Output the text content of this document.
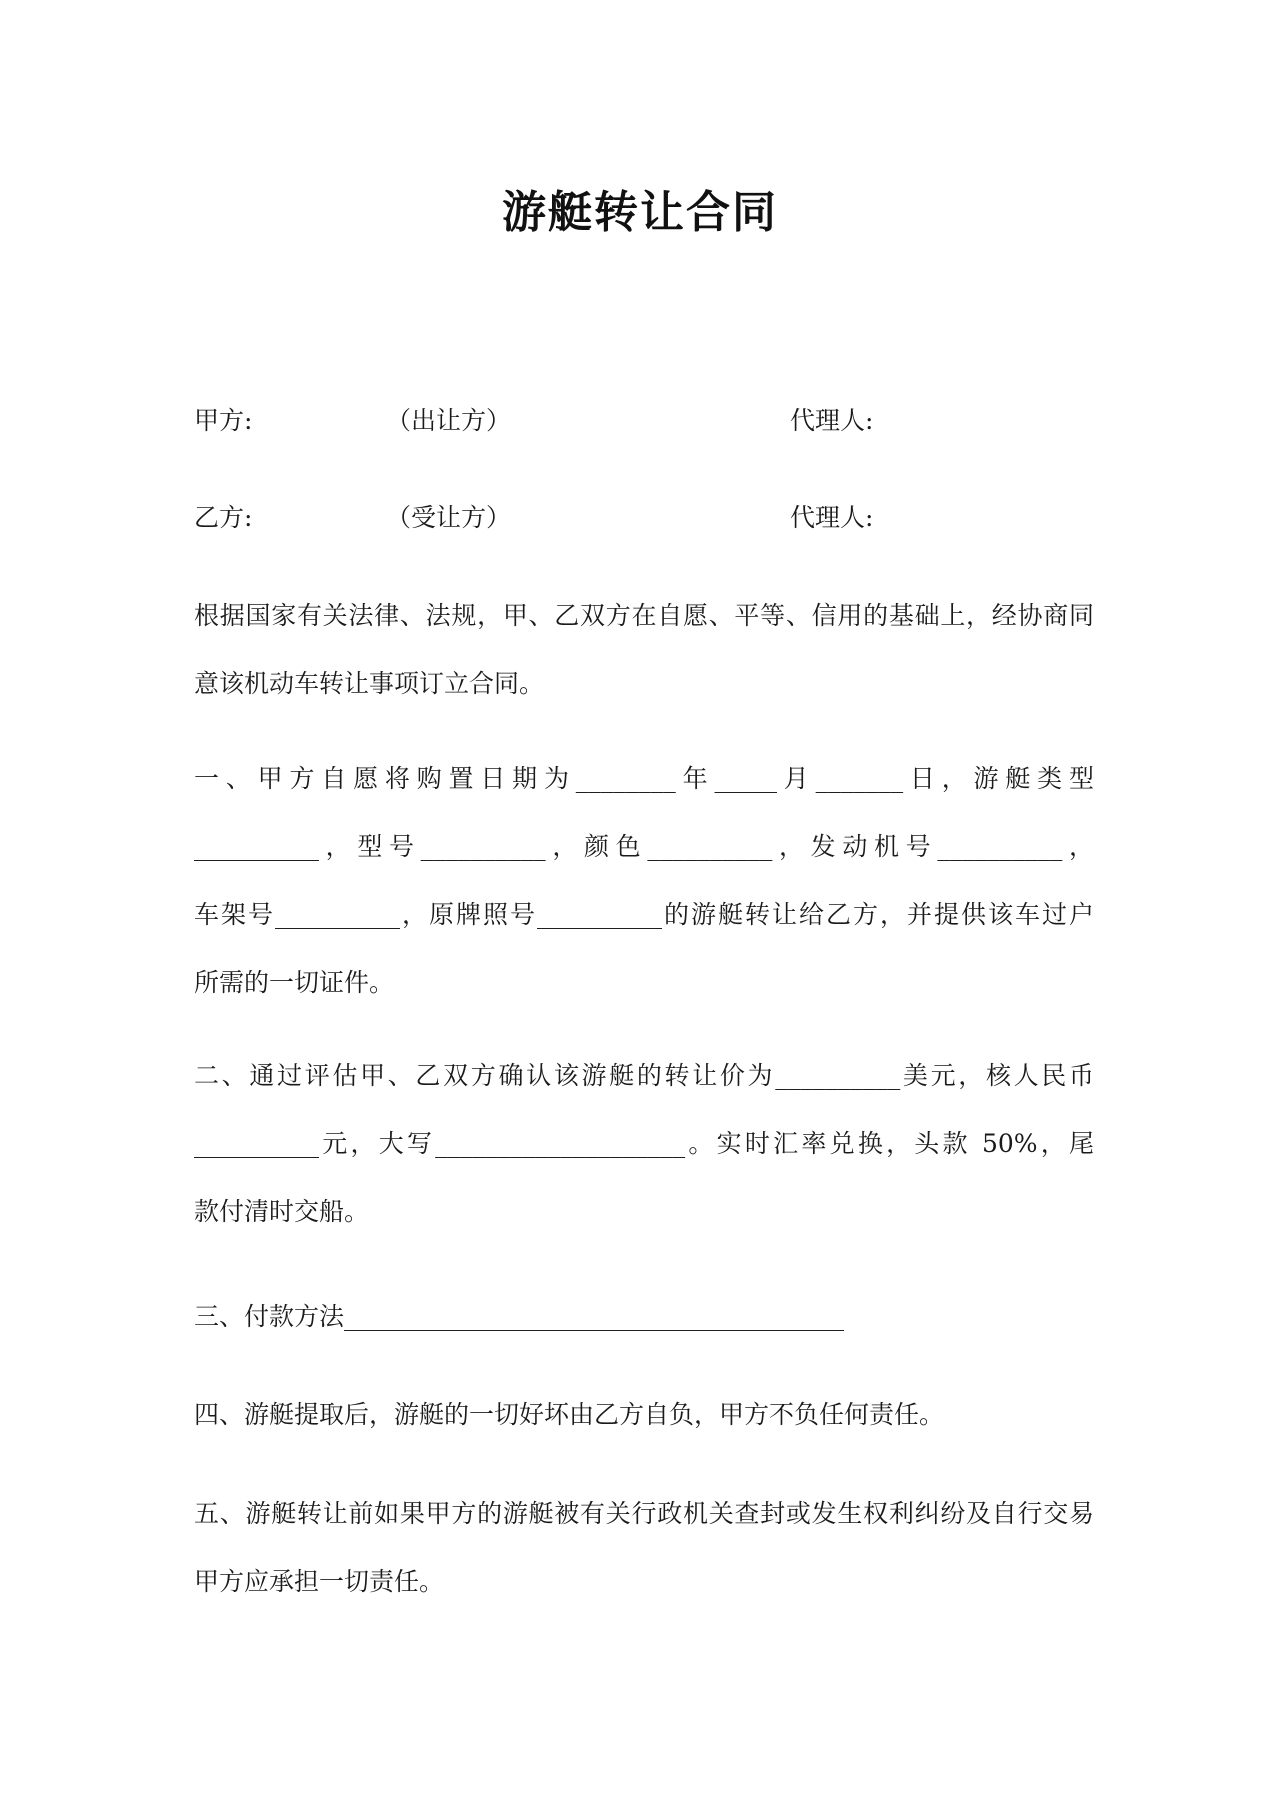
游艇转让合同
甲方:	（出让方）	代理人:
乙方:	（受让方）	代理人:
根据国家有关法律、法规，甲、乙双方在自愿、平等、信用的基础上，经协商同
意该机动车转让事项订立合同。
一、甲方自愿将购置日期为________年_____月_______日，游艇类型
__________，型号__________，颜色__________，发动机号__________，
车架号__________，原牌照号__________的游艇转让给乙方，并提供该车过户
所需的一切证件。
二、通过评估甲、乙双方确认该游艇的转让价为__________美元，核人民币
__________元，大写____________________。实时汇率兑换，头款 50%，尾
款付清时交船。
三、付款方法________________________________________
四、游艇提取后，游艇的一切好坏由乙方自负，甲方不负任何责任。
五、游艇转让前如果甲方的游艇被有关行政机关查封或发生权利纠纷及自行交易
甲方应承担一切责任。
